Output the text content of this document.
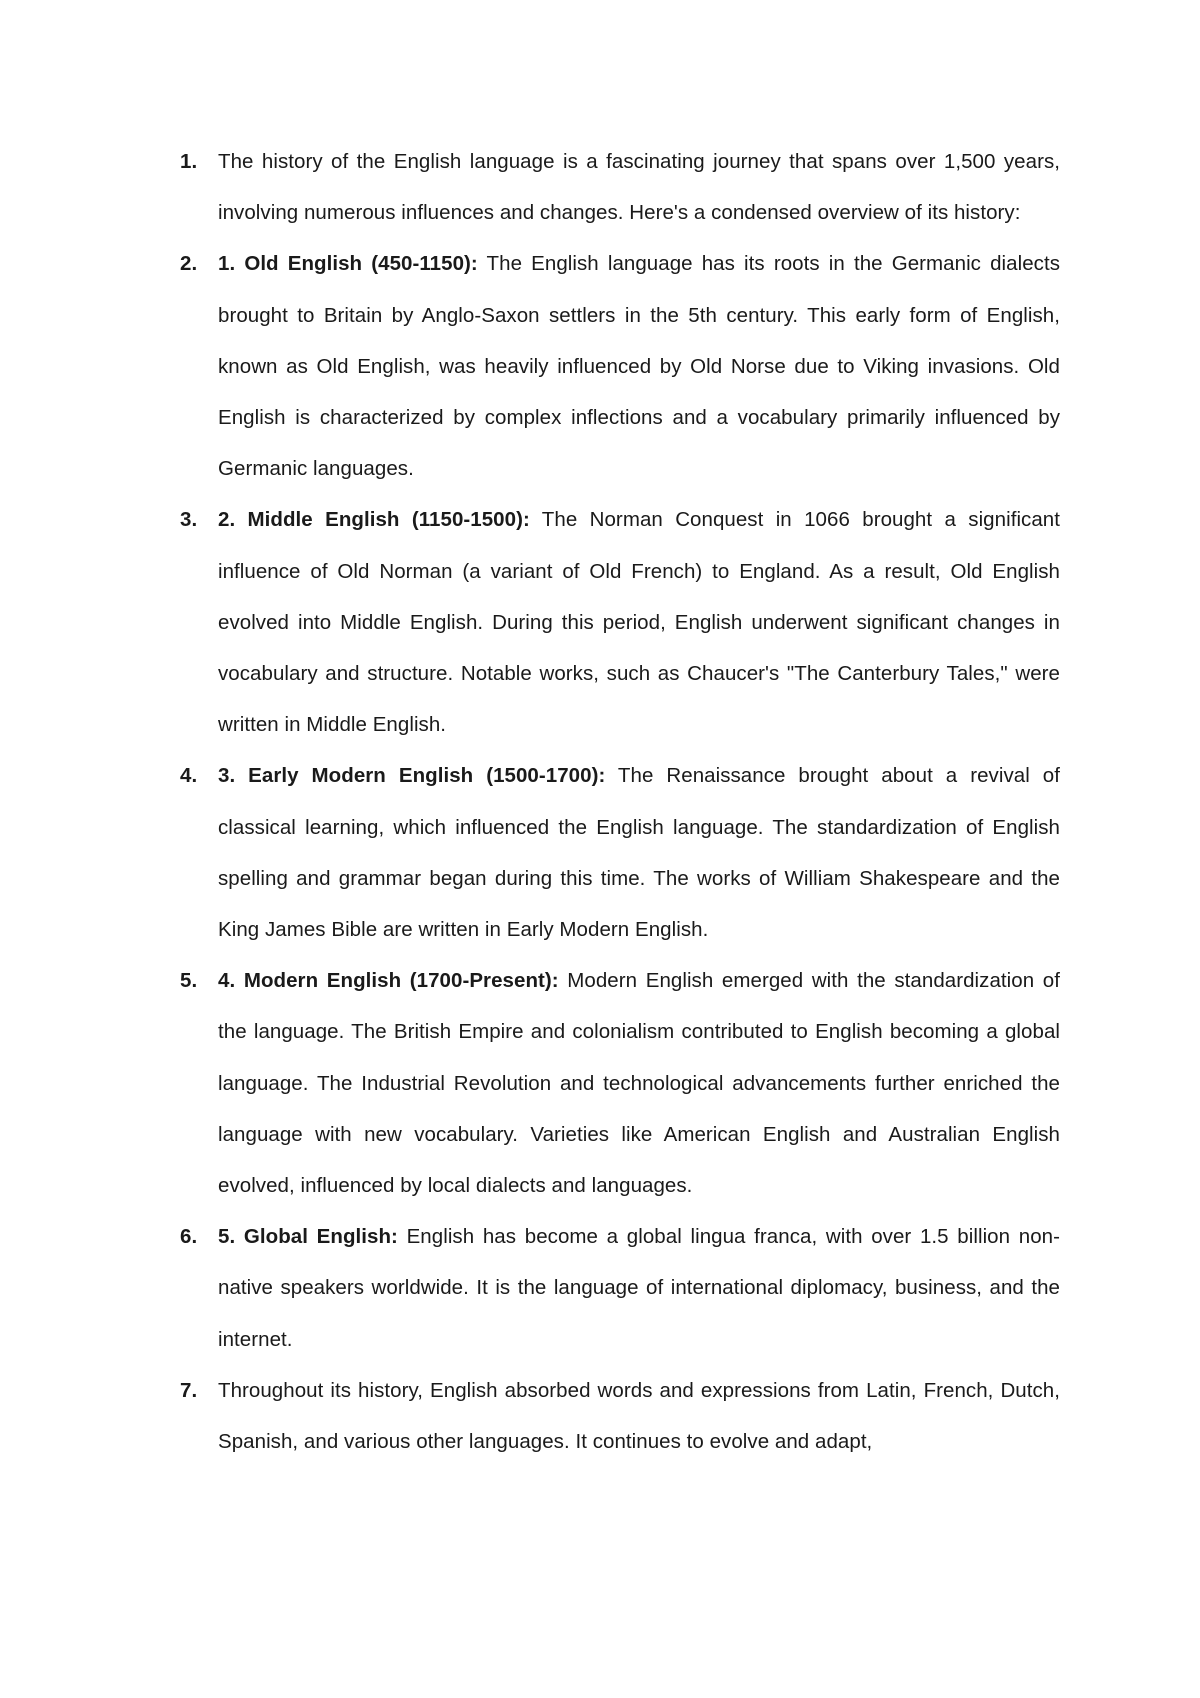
1. The history of the English language is a fascinating journey that spans over 1,500 years, involving numerous influences and changes. Here's a condensed overview of its history:
2. 1. Old English (450-1150): The English language has its roots in the Germanic dialects brought to Britain by Anglo-Saxon settlers in the 5th century. This early form of English, known as Old English, was heavily influenced by Old Norse due to Viking invasions. Old English is characterized by complex inflections and a vocabulary primarily influenced by Germanic languages.
3. 2. Middle English (1150-1500): The Norman Conquest in 1066 brought a significant influence of Old Norman (a variant of Old French) to England. As a result, Old English evolved into Middle English. During this period, English underwent significant changes in vocabulary and structure. Notable works, such as Chaucer's "The Canterbury Tales," were written in Middle English.
4. 3. Early Modern English (1500-1700): The Renaissance brought about a revival of classical learning, which influenced the English language. The standardization of English spelling and grammar began during this time. The works of William Shakespeare and the King James Bible are written in Early Modern English.
5. 4. Modern English (1700-Present): Modern English emerged with the standardization of the language. The British Empire and colonialism contributed to English becoming a global language. The Industrial Revolution and technological advancements further enriched the language with new vocabulary. Varieties like American English and Australian English evolved, influenced by local dialects and languages.
6. 5. Global English: English has become a global lingua franca, with over 1.5 billion non-native speakers worldwide. It is the language of international diplomacy, business, and the internet.
7. Throughout its history, English absorbed words and expressions from Latin, French, Dutch, Spanish, and various other languages. It continues to evolve and adapt,
